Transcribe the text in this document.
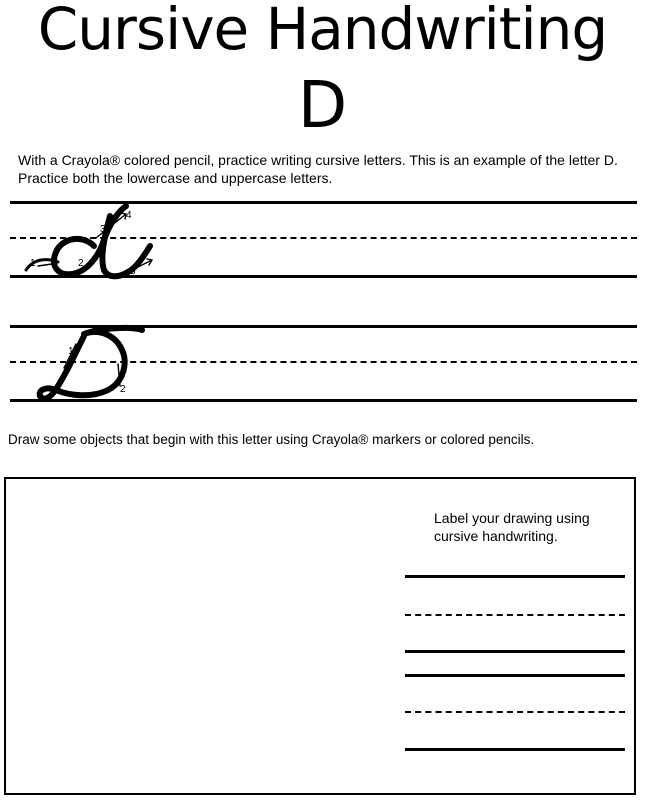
Cursive Handwriting
D
With a Crayola® colored pencil, practice writing cursive letters. This is an example of the letter D. Practice both the lowercase and uppercase letters.
1	2
3
4
5
1
2
Draw some objects that begin with this letter using Crayola® markers or colored pencils.
Label your drawing using cursive handwriting.
